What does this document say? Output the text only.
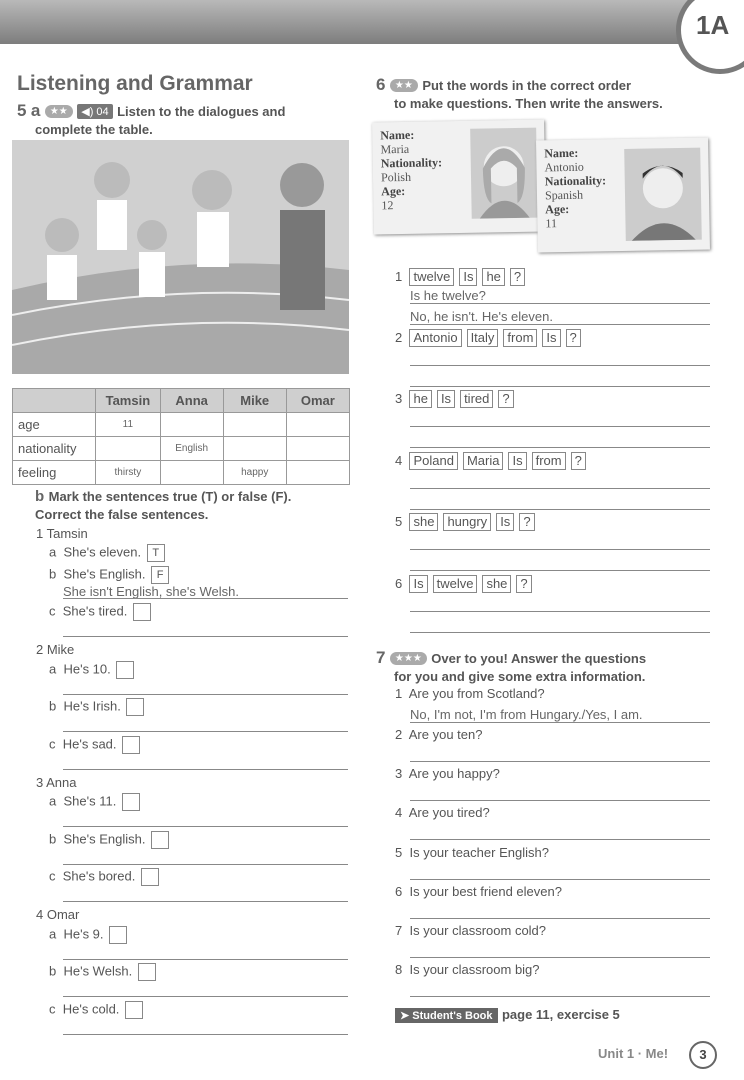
1A
Listening and Grammar
5 a ★★ ◀) 04 Listen to the dialogues and
complete the table.
	Tamsin	Anna	Mike	Omar
age	11			
nationality		English		
feeling	thirsty		happy	
b Mark the sentences true (T) or false (F).
Correct the false sentences.
1 Tamsin
a She's eleven. T
b She's English. F
She isn't English, she's Welsh.
c She's tired.
2 Mike
a He's 10.
b He's Irish.
c He's sad.
3 Anna
a She's 11.
b She's English.
c She's bored.
4 Omar
a He's 9.
b He's Welsh.
c He's cold.
6 ★★ Put the words in the correct order
to make questions. Then write the answers.
Name:
Maria
Nationality:
Polish
Age:
12
Name:
Antonio
Nationality:
Spanish
Age:
11
1 twelve Is he ?
Is he twelve?
No, he isn't. He's eleven.
2 Antonio Italy from Is ?
3 he Is tired ?
4 Poland Maria Is from ?
5 she hungry Is ?
6 Is twelve she ?
7 ★★★ Over to you! Answer the questions
for you and give some extra information.
1 Are you from Scotland?
No, I'm not, I'm from Hungary./Yes, I am.
2 Are you ten?
3 Are you happy?
4 Are you tired?
5 Is your teacher English?
6 Is your best friend eleven?
7 Is your classroom cold?
8 Is your classroom big?
➤ Student's Book page 11, exercise 5
Unit 1 · Me!	3
